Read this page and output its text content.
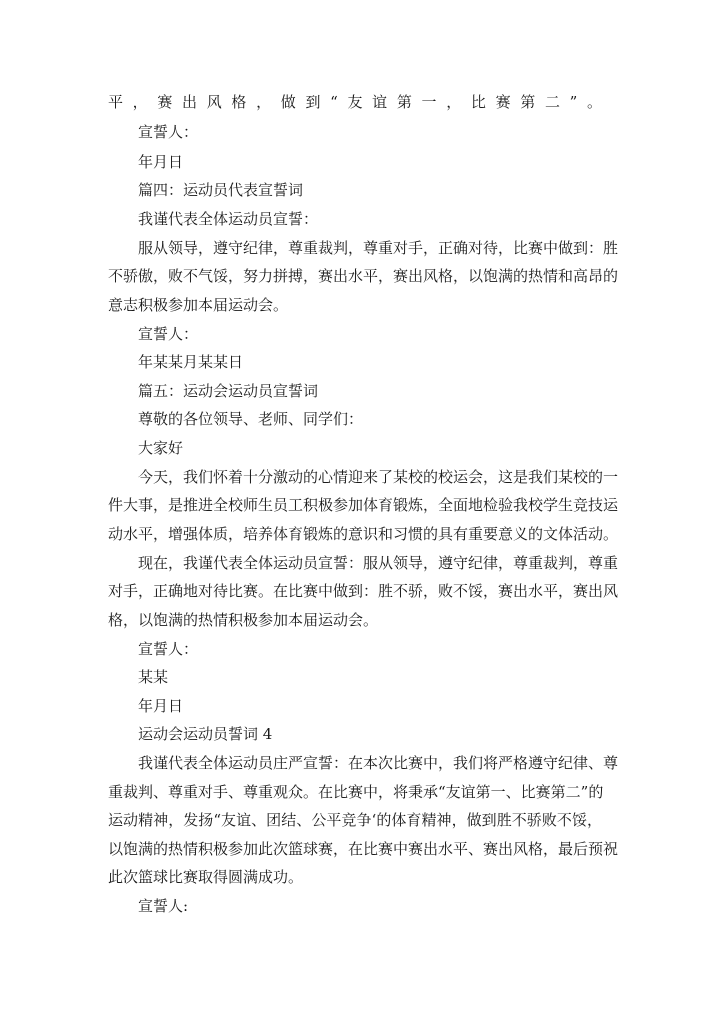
平，赛出风格，做到“友谊第一，比赛第二”。
宣誓人：
年月日
篇四：运动员代表宣誓词
我谨代表全体运动员宣誓：
服从领导，遵守纪律，尊重裁判，尊重对手，正确对待，比赛中做到：胜
不骄傲，败不气馁，努力拼搏，赛出水平，赛出风格，以饱满的热情和高昂的
意志积极参加本届运动会。
宣誓人：
年某某月某某日
篇五：运动会运动员宣誓词
尊敬的各位领导、老师、同学们：
大家好
今天，我们怀着十分激动的心情迎来了某校的校运会，这是我们某校的一
件大事，是推进全校师生员工积极参加体育锻炼，全面地检验我校学生竞技运
动水平，增强体质，培养体育锻炼的意识和习惯的具有重要意义的文体活动。
现在，我谨代表全体运动员宣誓：服从领导，遵守纪律，尊重裁判，尊重
对手，正确地对待比赛。在比赛中做到：胜不骄，败不馁，赛出水平，赛出风
格，以饱满的热情积极参加本届运动会。
宣誓人：
某某
年月日
运动会运动员誓词 4
我谨代表全体运动员庄严宣誓：在本次比赛中，我们将严格遵守纪律、尊
重裁判、尊重对手、尊重观众。在比赛中，将秉承“友谊第一、比赛第二”的
运动精神，发扬“友谊、团结、公平竞争‘的体育精神，做到胜不骄败不馁，
以饱满的热情积极参加此次篮球赛，在比赛中赛出水平、赛出风格，最后预祝
此次篮球比赛取得圆满成功。
宣誓人:
